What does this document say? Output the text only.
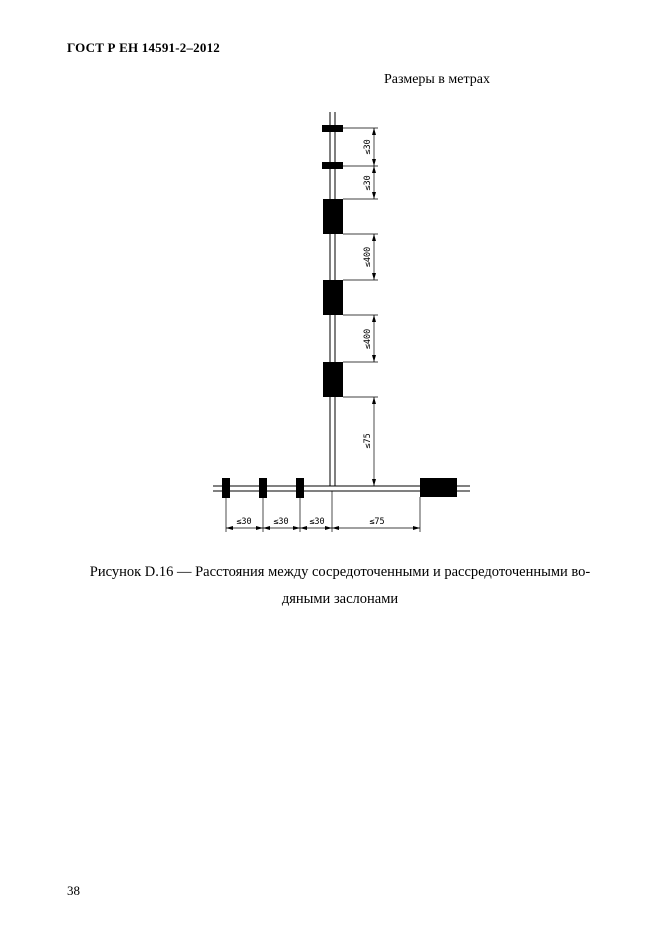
ГОСТ Р ЕН 14591-2–2012
Размеры в метрах
≤30
≤30
≤400
≤400
≤75
≤30	≤30 ≤30	≤75
Рисунок D.16 — Расстояния между сосредоточенными и рассредоточенными во-
дяными заслонами
38
